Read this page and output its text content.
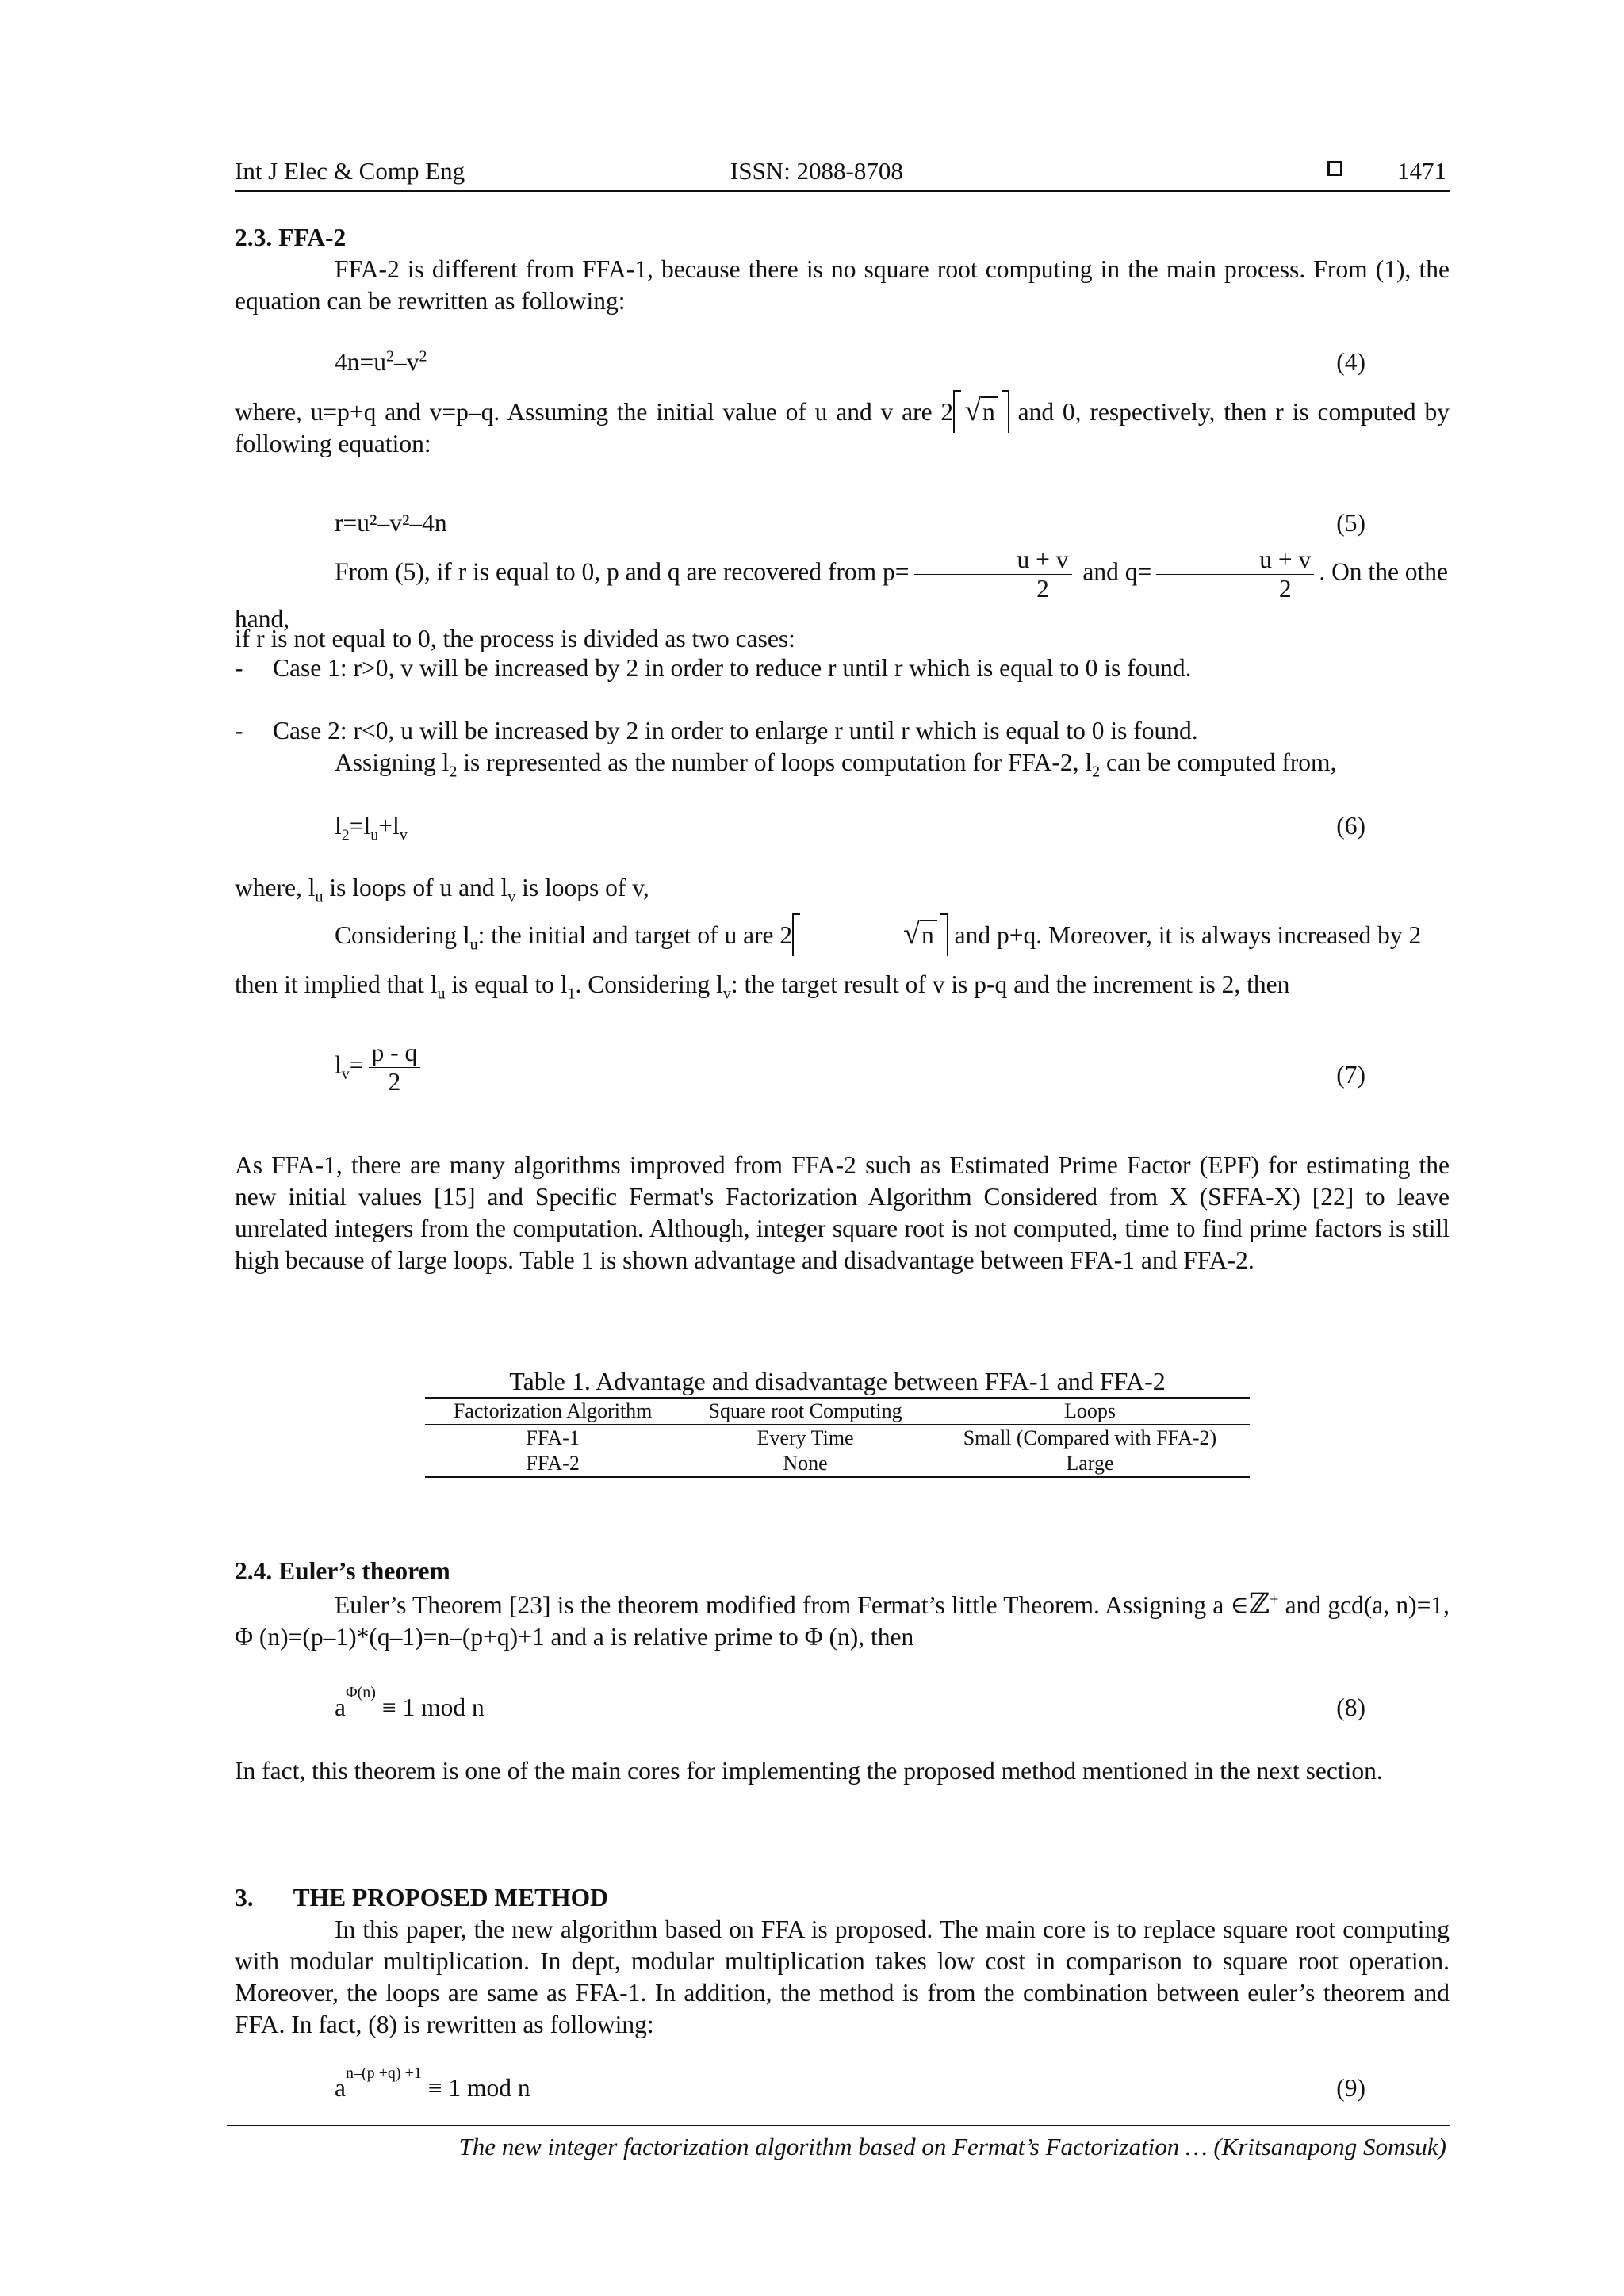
Int J Elec & Comp Eng	ISSN: 2088-8708	1471
2.3. FFA-2
FFA-2 is different from FFA-1, because there is no square root computing in the main process. From (1), the equation can be rewritten as following:
$4n=u^2-v^2$	(4)
where, u=p+q and v=p–q. Assuming the initial value of u and v are 2 √n and 0, respectively, then r is computed by following equation:
r=u²–v²–4n	(5)
From (5), if r is equal to 0, p and q are recovered from $p= \frac{u + v}{2}$ and $q= \frac{u + v}{2}$ . On the othe hand,
if r is not equal to 0, the process is divided as two cases:
- Case 1: r>0, v will be increased by 2 in order to reduce r until r which is equal to 0 is found.
- Case 2: r<0, u will be increased by 2 in order to enlarge r until r which is equal to 0 is found.
Assigning $l_2$ is represented as the number of loops computation for FFA-2, $l_2$ can be computed from,
$l_2=l_u+l_v$	(6)
where, $l_u$ is loops of u and $l_v$ is loops of v,
Considering $l_u$: the initial and target of u are 2	√n and p+q. Moreover, it is always increased by 2
then it implied that $l_u$ is equal to $l_1$. Considering $l_v$: the target result of v is p-q and the increment is 2, then
$l_v= \frac{p - q}{2}$	(7)
As FFA-1, there are many algorithms improved from FFA-2 such as Estimated Prime Factor (EPF) for estimating the new initial values [15] and Specific Fermat's Factorization Algorithm Considered from X (SFFA-X) [22] to leave unrelated integers from the computation. Although, integer square root is not computed, time to find prime factors is still high because of large loops. Table 1 is shown advantage and disadvantage between FFA-1 and FFA-2.
Table 1. Advantage and disadvantage between FFA-1 and FFA-2
Factorization Algorithm	Square root Computing	Loops
FFA-1	Every Time	Small (Compared with FFA-2)
FFA-2	None	Large
2.4. Euler’s theorem
Euler’s Theorem [23] is the theorem modified from Fermat’s little Theorem. Assigning a ∈ℤ+ and gcd(a, n)=1, Φ (n)=(p–1)*(q–1)=n–(p+q)+1 and a is relative prime to Φ (n), then
$a^{\Phi(n)} \equiv 1$ mod n	(8)
In fact, this theorem is one of the main cores for implementing the proposed method mentioned in the next section.
3. THE PROPOSED METHOD
In this paper, the new algorithm based on FFA is proposed. The main core is to replace square root computing with modular multiplication. In dept, modular multiplication takes low cost in comparison to square root operation. Moreover, the loops are same as FFA-1. In addition, the method is from the combination between euler’s theorem and FFA. In fact, (8) is rewritten as following:
$a^{n-(p +q) +1} \equiv 1$ mod n	(9)
The new integer factorization algorithm based on Fermat’s Factorization … (Kritsanapong Somsuk)
